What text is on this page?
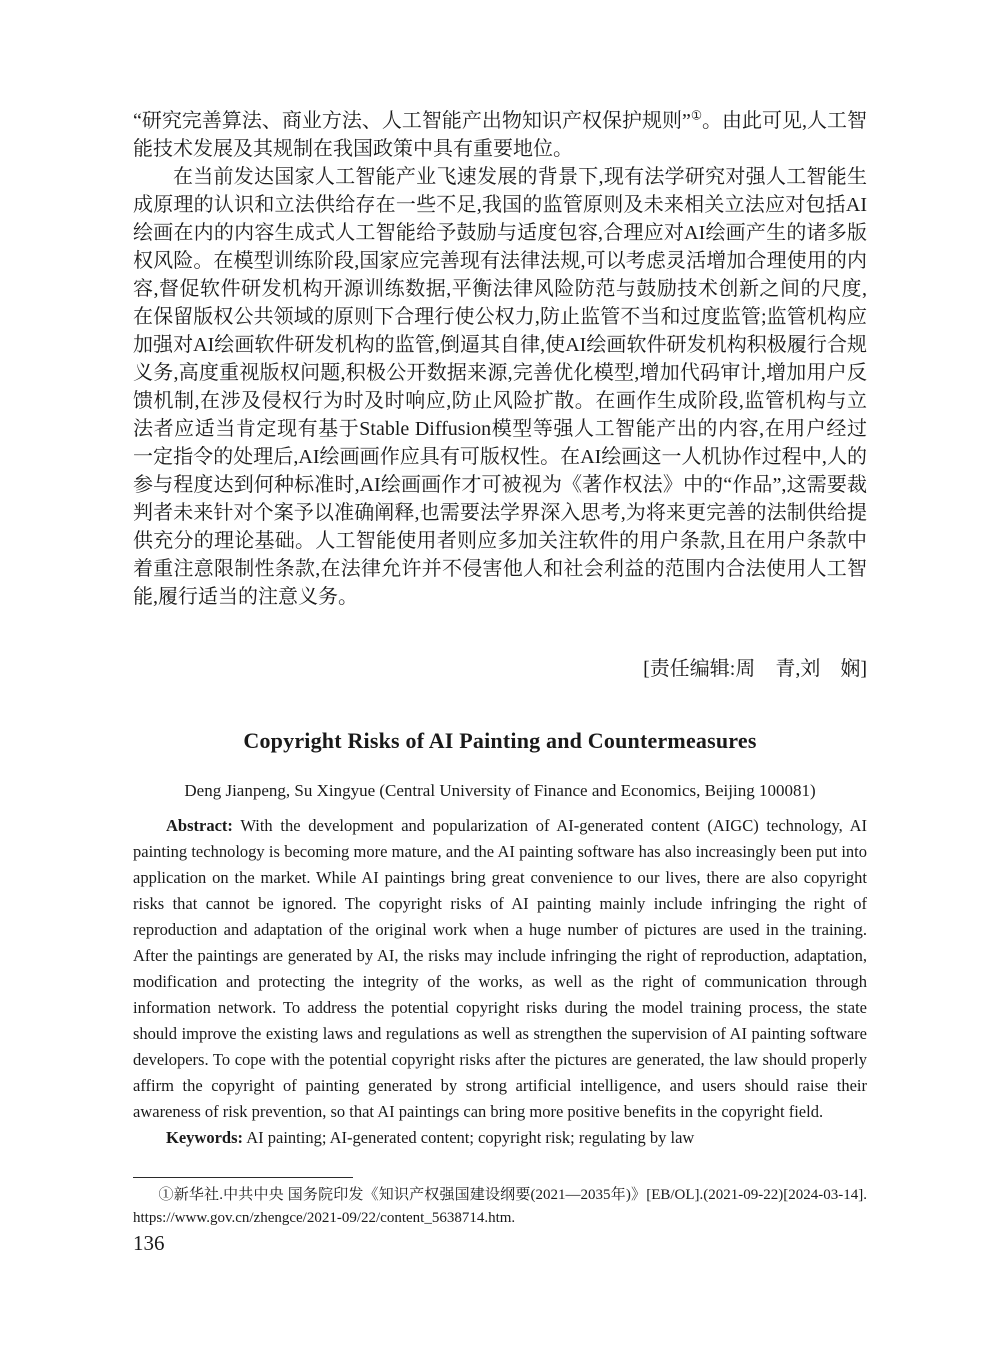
“研究完善算法、商业方法、人工智能产出物知识产权保护规则”①。由此可见,人工智能技术发展及其规制在我国政策中具有重要地位。

在当前发达国家人工智能产业飞速发展的背景下,现有法学研究对强人工智能生成原理的认识和立法供给存在一些不足,我国的监管原则及未来相关立法应对包括AI绘画在内的内容生成式人工智能给予鼓励与适度包容,合理应对AI绘画产生的诸多版权风险。在模型训练阶段,国家应完善现有法律法规,可以考虑灵活增加合理使用的内容,督促软件研发机构开源训练数据,平衡法律风险防范与鼓励技术创新之间的尺度,在保留版权公共领域的原则下合理行使公权力,防止监管不当和过度监管;监管机构应加强对AI绘画软件研发机构的监管,倒逼其自律,使AI绘画软件研发机构积极履行合规义务,高度重视版权问题,积极公开数据来源,完善优化模型,增加代码审计,增加用户反馈机制,在涉及侵权行为时及时响应,防止风险扩散。在画作生成阶段,监管机构与立法者应适当肯定现有基于Stable Diffusion模型等强人工智能产出的内容,在用户经过一定指令的处理后,AI绘画画作应具有可版权性。在AI绘画这一人机协作过程中,人的参与程度达到何种标准时,AI绘画画作才可被视为《著作权法》中的“作品”,这需要裁判者未来针对个案予以准确阐释,也需要法学界深入思考,为将来更完善的法制供给提供充分的理论基础。人工智能使用者则应多加关注软件的用户条款,且在用户条款中着重注意限制性条款,在法律允许并不侵害他人和社会利益的范围内合法使用人工智能,履行适当的注意义务。

[责任编辑:周　青,刘　娴]
Copyright Risks of AI Painting and Countermeasures
Deng Jianpeng, Su Xingyue (Central University of Finance and Economics, Beijing 100081)

Abstract: With the development and popularization of AI-generated content (AIGC) technology, AI painting technology is becoming more mature, and the AI painting software has also increasingly been put into application on the market. While AI paintings bring great convenience to our lives, there are also copyright risks that cannot be ignored. The copyright risks of AI painting mainly include infringing the right of reproduction and adaptation of the original work when a huge number of pictures are used in the training. After the paintings are generated by AI, the risks may include infringing the right of reproduction, adaptation, modification and protecting the integrity of the works, as well as the right of communication through information network. To address the potential copyright risks during the model training process, the state should improve the existing laws and regulations as well as strengthen the supervision of AI painting software developers. To cope with the potential copyright risks after the pictures are generated, the law should properly affirm the copyright of painting generated by strong artificial intelligence, and users should raise their awareness of risk prevention, so that AI paintings can bring more positive benefits in the copyright field.

Keywords: AI painting; AI-generated content; copyright risk; regulating by law

①新华社.中共中央 国务院印发《知识产权强国建设纲要(2021—2035年)》[EB/OL].(2021-09-22)[2024-03-14].https://www.gov.cn/zhengce/2021-09/22/content_5638714.htm.

136
